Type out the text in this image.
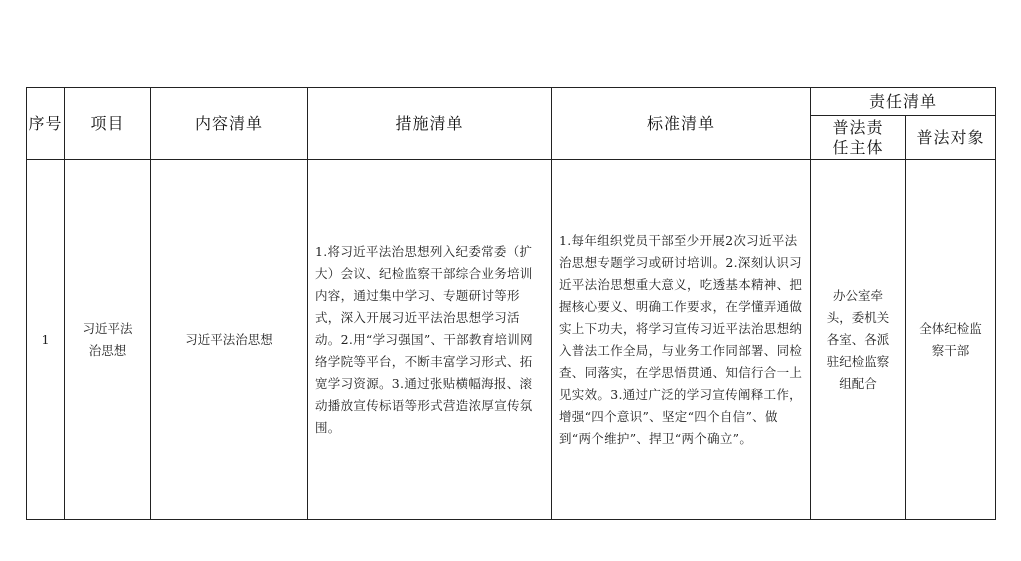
序号	项目	内容清单	措施清单	标准清单	责任清单	
					普法责任主体	普法对象
1	习近平法治思想	习近平法治思想	1.将习近平法治思想列入纪委常委（扩大）会议、纪检监察干部综合业务培训内容，通过集中学习、专题研讨等形式，深入开展习近平法治思想学习活动。2.用“学习强国”、干部教育培训网络学院等平台，不断丰富学习形式、拓宽学习资源。3.通过张贴横幅海报、滚动播放宣传标语等形式营造浓厚宣传氛围。	1.每年组织党员干部至少开展2次习近平法治思想专题学习或研讨培训。2.深刻认识习近平法治思想重大意义，吃透基本精神、把握核心要义、明确工作要求，在学懂弄通做实上下功夫，将学习宣传习近平法治思想纳入普法工作全局，与业务工作同部署、同检查、同落实，在学思悟贯通、知信行合一上见实效。3.通过广泛的学习宣传阐释工作，增强“四个意识”、坚定“四个自信”、做到“两个维护”、捍卫“两个确立”。	办公室牵头，委机关各室、各派驻纪检监察组配合	全体纪检监察干部
